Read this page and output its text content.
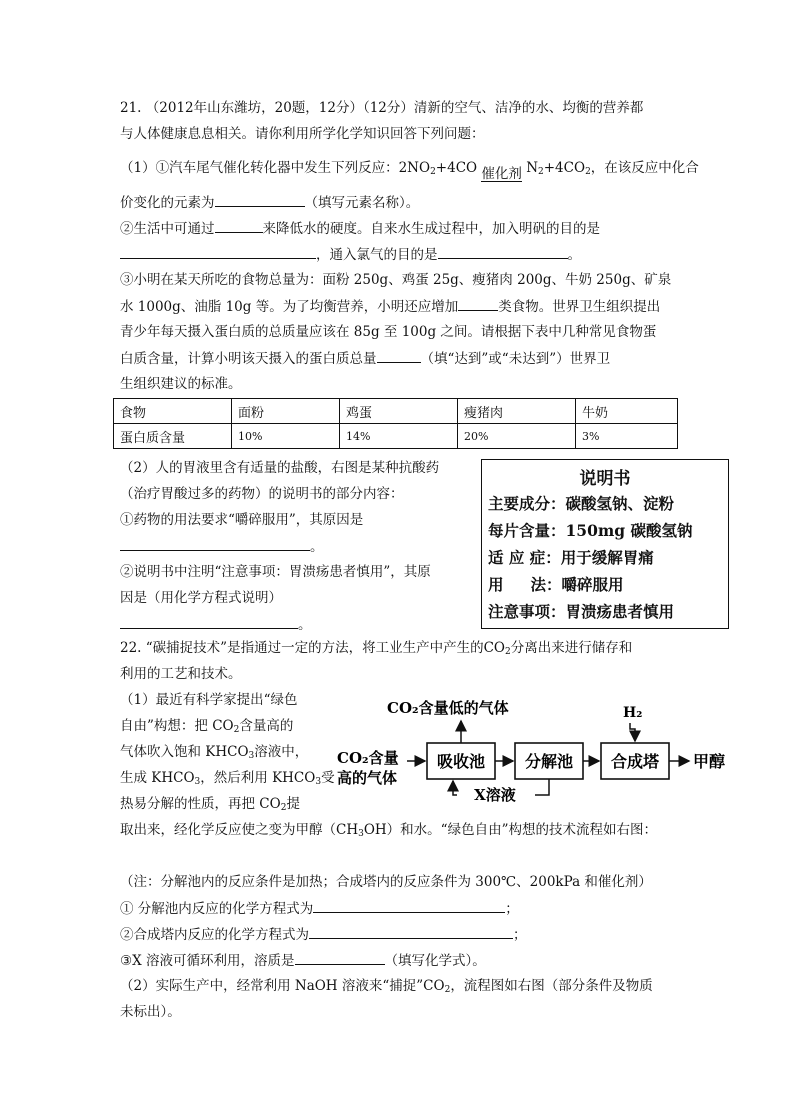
21. （2012年山东潍坊，20题，12分）（12分）清新的空气、洁净的水、均衡的营养都
与人体健康息息相关。请你利用所学化学知识回答下列问题：
（1）①汽车尾气催化转化器中发生下列反应：$2NO_2+4CO$ 催化剂 $N_2+4CO_2$，在该反应中化合
价变化的元素为	（填写元素名称）。
②生活中可通过	来降低水的硬度。自来水生成过程中，加入明矾的目的是
，通入氯气的目的是	。
③小明在某天所吃的食物总量为：面粉 250g、鸡蛋 25g、瘦猪肉 200g、牛奶 250g、矿泉
水 1000g、油脂 10g 等。为了均衡营养，小明还应增加	类食物。世界卫生组织提出
青少年每天摄入蛋白质的总质量应该在 85g 至 100g 之间。请根据下表中几种常见食物蛋
白质含量，计算小明该天摄入的蛋白质总量	（填“达到”或“未达到”）世界卫
生组织建议的标准。
食物	面粉	鸡蛋	瘦猪肉	牛奶
蛋白质含量	10%	14%	20%	3%
（2）人的胃液里含有适量的盐酸，右图是某种抗酸药
（治疗胃酸过多的药物）的说明书的部分内容：
①药物的用法要求“嚼碎服用”，其原因是
。
②说明书中注明“注意事项：胃溃疡患者慎用”，其原
因是（用化学方程式说明）
。
说明书
主要成分：碳酸氢钠、淀粉
每片含量：150mg 碳酸氢钠
适 应 症：用于缓解胃痛
用     法：嚼碎服用
注意事项：胃溃疡患者慎用
22. “碳捕捉技术”是指通过一定的方法，将工业生产中产生的$CO_2$分离出来进行储存和
利用的工艺和技术。
（1）最近有科学家提出“绿色
自由”构想：把 $CO_2$含量高的
气体吹入饱和 $KHCO_3$溶液中，
生成 $KHCO_3$，然后利用 $KHCO_3$受
热易分解的性质，再把 $CO_2$提
取出来，经化学反应使之变为甲醇$(CH_3OH)$和水。“绿色自由”构想的技术流程如右图：
CO₂含量低的气体	H₂
CO₂含量
高的气体
吸收池 分解池 合成塔 甲醇
X溶液
（注：分解池内的反应条件是加热；合成塔内的反应条件为 300℃、200kPa 和催化剂）
① 分解池内反应的化学方程式为	；
②合成塔内反应的化学方程式为	；
③X 溶液可循环利用，溶质是	（填写化学式）。
（2）实际生产中，经常利用 NaOH 溶液来“捕捉$”CO_2$，流程图如右图（部分条件及物质
未标出）。
